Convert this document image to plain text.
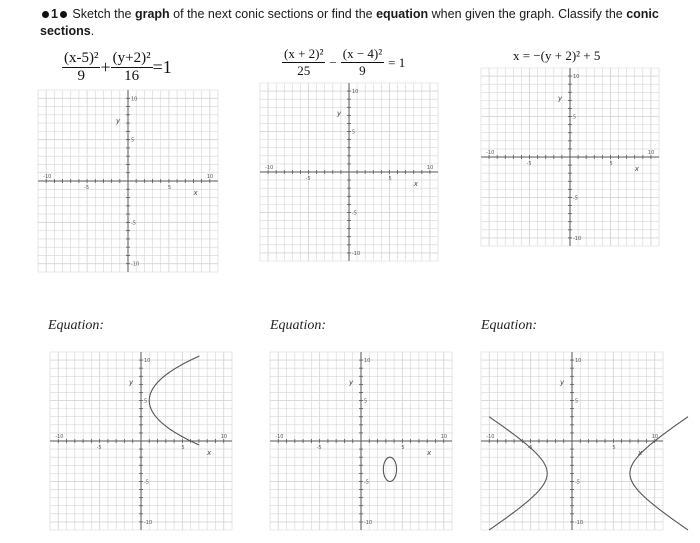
1 Sketch the graph of the next conic sections or find the equation when given the graph. Classify the conic sections.
$\frac{\text{(x-5)²}}{9} + \frac{\text{(y+2)²}}{16} =1$	$\frac{\text{(x + 2)²}}{25} - \frac{\text{(x − 4)²}}{9} = 1$	x = −(y + 2)² + 5
-10	10
-5	5
10
-10
5
-5
x
y
-10	10
-5	5
10
-10
5
-5
x
y
-10	10
-5	5
10
-10
5
-5
x
y
Equation:	Equation:	Equation:
-10	10
-5	5
10
-10
5
-5
x
y
-10	10
-5	5
10
-10
5
-5
x
y
-10	10
-5	5
10
-10
5
-5
x
y
